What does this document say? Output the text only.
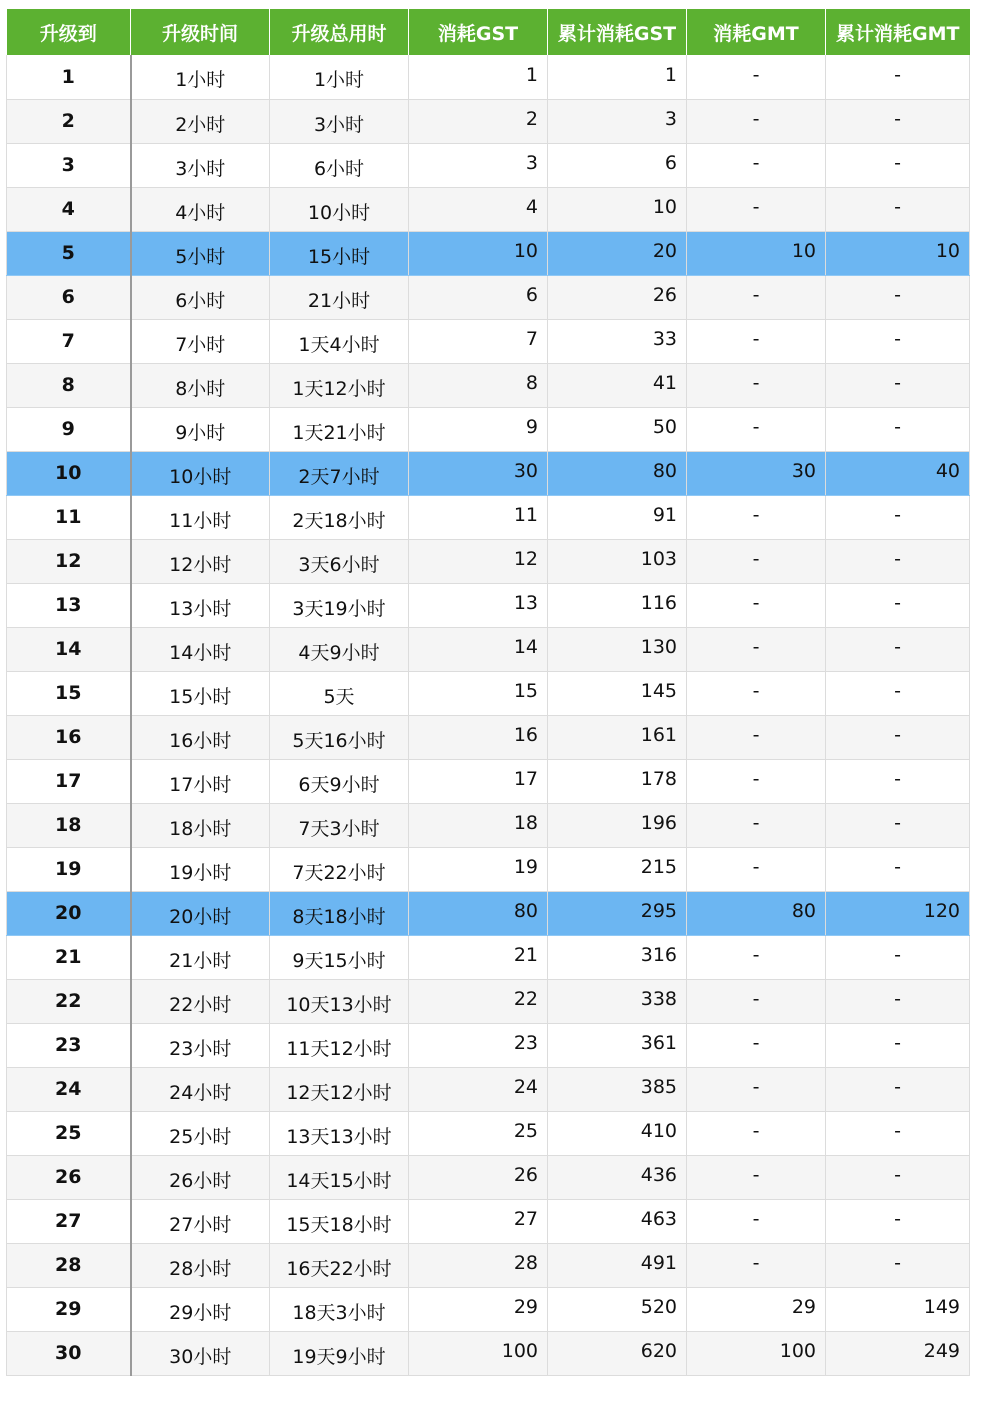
升级到	升级时间	升级总用时	消耗GST	累计消耗GST	消耗GMT	累计消耗GMT
1	1小时	1小时	1	1	-	-
2	2小时	3小时	2	3	-	-
3	3小时	6小时	3	6	-	-
4	4小时	10小时	4	10	-	-
5	5小时	15小时	10	20	10	10
6	6小时	21小时	6	26	-	-
7	7小时	1天4小时	7	33	-	-
8	8小时	1天12小时	8	41	-	-
9	9小时	1天21小时	9	50	-	-
10	10小时	2天7小时	30	80	30	40
11	11小时	2天18小时	11	91	-	-
12	12小时	3天6小时	12	103	-	-
13	13小时	3天19小时	13	116	-	-
14	14小时	4天9小时	14	130	-	-
15	15小时	5天	15	145	-	-
16	16小时	5天16小时	16	161	-	-
17	17小时	6天9小时	17	178	-	-
18	18小时	7天3小时	18	196	-	-
19	19小时	7天22小时	19	215	-	-
20	20小时	8天18小时	80	295	80	120
21	21小时	9天15小时	21	316	-	-
22	22小时	10天13小时	22	338	-	-
23	23小时	11天12小时	23	361	-	-
24	24小时	12天12小时	24	385	-	-
25	25小时	13天13小时	25	410	-	-
26	26小时	14天15小时	26	436	-	-
27	27小时	15天18小时	27	463	-	-
28	28小时	16天22小时	28	491	-	-
29	29小时	18天3小时	29	520	29	149
30	30小时	19天9小时	100	620	100	249
